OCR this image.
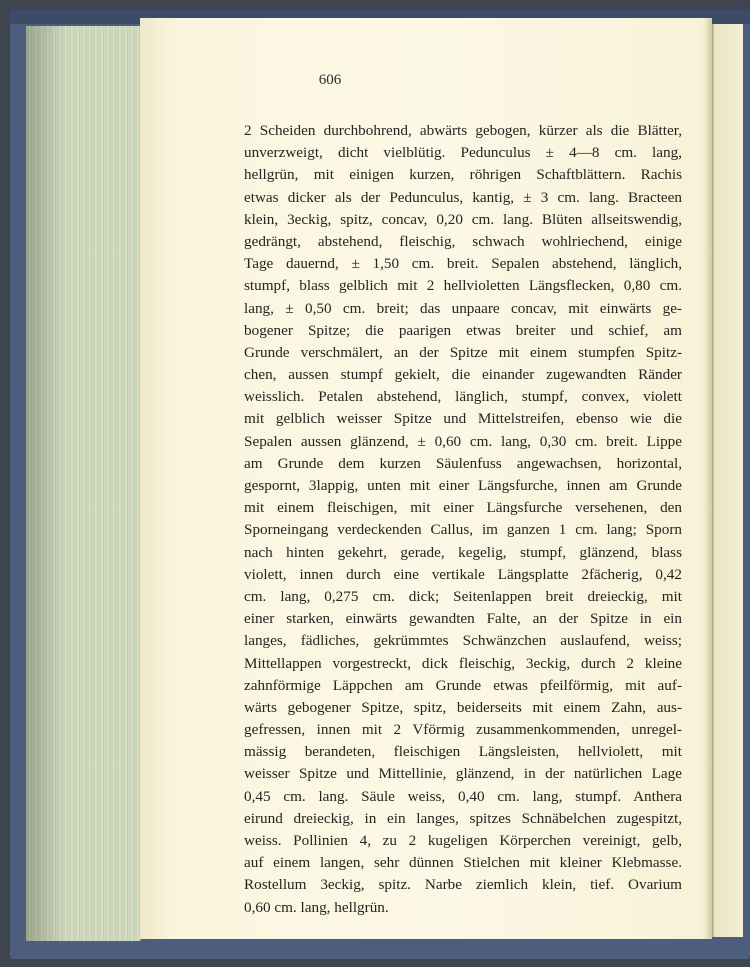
606
2 Scheiden durchbohrend, abwärts gebogen, kürzer als die Blätter,
unverzweigt, dicht vielblütig. Pedunculus ± 4—8 cm. lang,
hellgrün, mit einigen kurzen, röhrigen Schaftblättern. Rachis
etwas dicker als der Pedunculus, kantig, ± 3 cm. lang. Bracteen
klein, 3eckig, spitz, concav, 0,20 cm. lang. Blüten allseitswendig,
gedrängt, abstehend, fleischig, schwach wohlriechend, einige
Tage dauernd, ± 1,50 cm. breit. Sepalen abstehend, länglich,
stumpf, blass gelblich mit 2 hellvioletten Längsflecken, 0,80 cm.
lang, ± 0,50 cm. breit; das unpaare concav, mit einwärts ge-
bogener Spitze; die paarigen etwas breiter und schief, am
Grunde verschmälert, an der Spitze mit einem stumpfen Spitz-
chen, aussen stumpf gekielt, die einander zugewandten Ränder
weisslich. Petalen abstehend, länglich, stumpf, convex, violett
mit gelblich weisser Spitze und Mittelstreifen, ebenso wie die
Sepalen aussen glänzend, ± 0,60 cm. lang, 0,30 cm. breit. Lippe
am Grunde dem kurzen Säulenfuss angewachsen, horizontal,
gespornt, 3lappig, unten mit einer Längsfurche, innen am Grunde
mit einem fleischigen, mit einer Längsfurche versehenen, den
Sporneingang verdeckenden Callus, im ganzen 1 cm. lang; Sporn
nach hinten gekehrt, gerade, kegelig, stumpf, glänzend, blass
violett, innen durch eine vertikale Längsplatte 2fächerig, 0,42
cm. lang, 0,275 cm. dick; Seitenlappen breit dreieckig, mit
einer starken, einwärts gewandten Falte, an der Spitze in ein
langes, fädliches, gekrümmtes Schwänzchen auslaufend, weiss;
Mittellappen vorgestreckt, dick fleischig, 3eckig, durch 2 kleine
zahnförmige Läppchen am Grunde etwas pfeilförmig, mit auf-
wärts gebogener Spitze, spitz, beiderseits mit einem Zahn, aus-
gefressen, innen mit 2 Vförmig zusammenkommenden, unregel-
mässig berandeten, fleischigen Längsleisten, hellviolett, mit
weisser Spitze und Mittellinie, glänzend, in der natürlichen Lage
0,45 cm. lang. Säule weiss, 0,40 cm. lang, stumpf. Anthera
eirund dreieckig, in ein langes, spitzes Schnäbelchen zugespitzt,
weiss. Pollinien 4, zu 2 kugeligen Körperchen vereinigt, gelb,
auf einem langen, sehr dünnen Stielchen mit kleiner Klebmasse.
Rostellum 3eckig, spitz. Narbe ziemlich klein, tief. Ovarium
0,60 cm. lang, hellgrün.
